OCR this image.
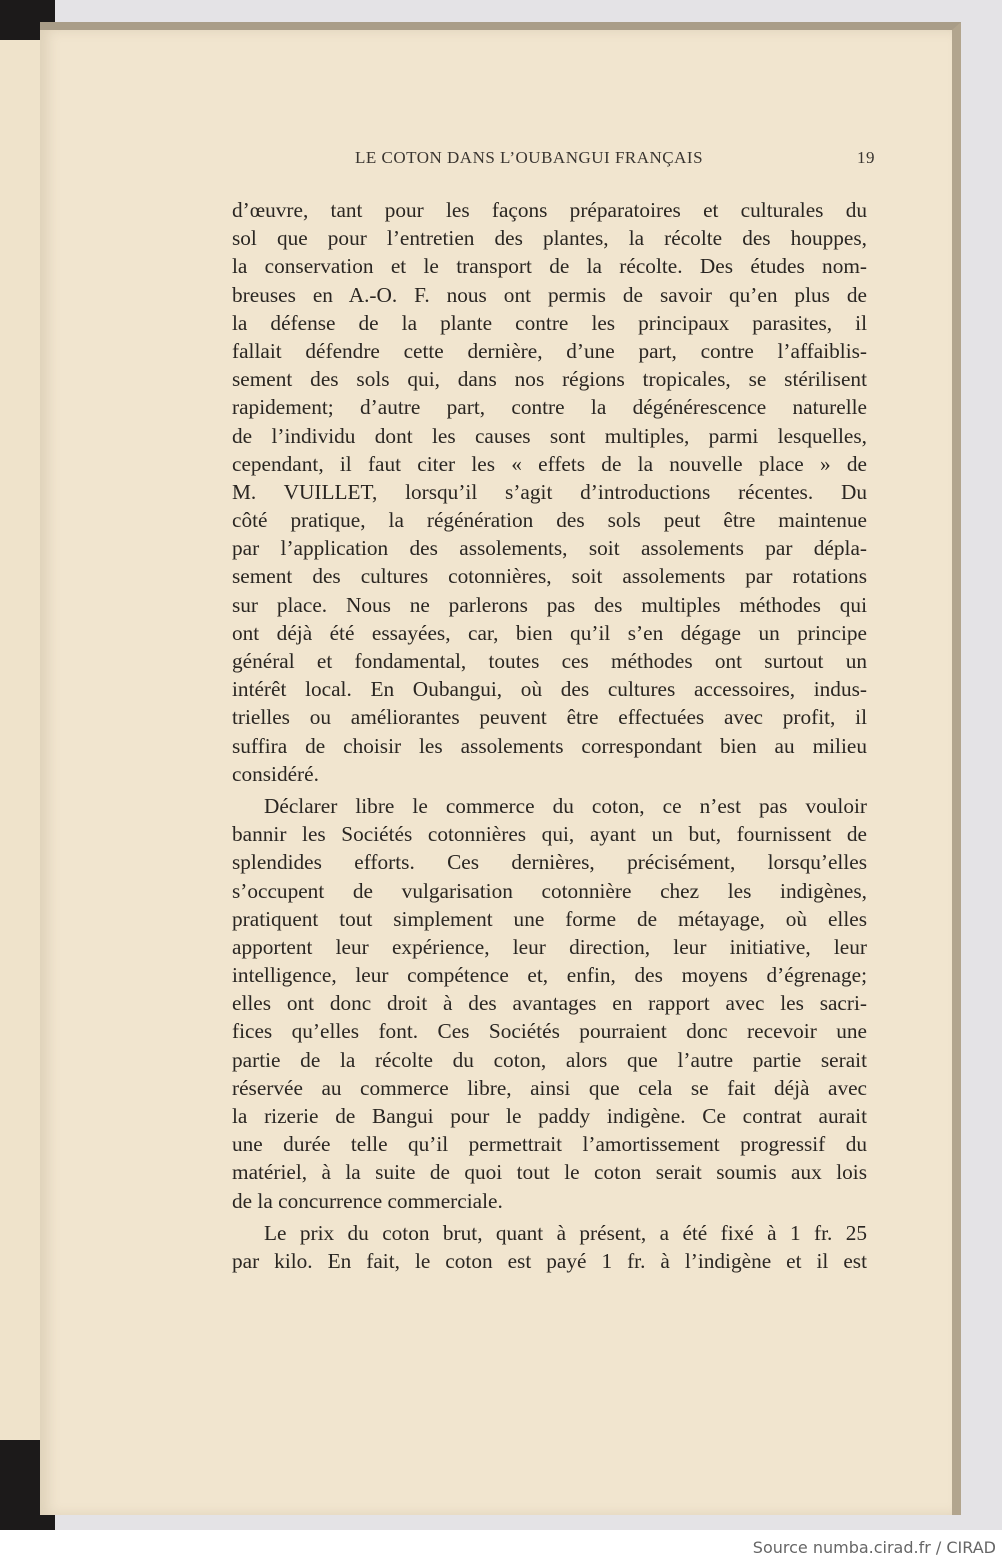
LE COTON DANS L’OUBANGUI FRANÇAIS	19
d’œuvre, tant pour les façons préparatoires et culturales du
sol que pour l’entretien des plantes, la récolte des houppes,
la conservation et le transport de la récolte. Des études nom-
breuses en A.-O. F. nous ont permis de savoir qu’en plus de
la défense de la plante contre les principaux parasites, il
fallait défendre cette dernière, d’une part, contre l’affaiblis-
sement des sols qui, dans nos régions tropicales, se stérilisent
rapidement; d’autre part, contre la dégénérescence naturelle
de l’individu dont les causes sont multiples, parmi lesquelles,
cependant, il faut citer les « effets de la nouvelle place » de
M. VUILLET, lorsqu’il s’agit d’introductions récentes. Du
côté pratique, la régénération des sols peut être maintenue
par l’application des assolements, soit assolements par dépla-
sement des cultures cotonnières, soit assolements par rotations
sur place. Nous ne parlerons pas des multiples méthodes qui
ont déjà été essayées, car, bien qu’il s’en dégage un principe
général et fondamental, toutes ces méthodes ont surtout un
intérêt local. En Oubangui, où des cultures accessoires, indus-
trielles ou améliorantes peuvent être effectuées avec profit, il
suffira de choisir les assolements correspondant bien au milieu
considéré.
Déclarer libre le commerce du coton, ce n’est pas vouloir
bannir les Sociétés cotonnières qui, ayant un but, fournissent de
splendides efforts. Ces dernières, précisément, lorsqu’elles
s’occupent de vulgarisation cotonnière chez les indigènes,
pratiquent tout simplement une forme de métayage, où elles
apportent leur expérience, leur direction, leur initiative, leur
intelligence, leur compétence et, enfin, des moyens d’égrenage;
elles ont donc droit à des avantages en rapport avec les sacri-
fices qu’elles font. Ces Sociétés pourraient donc recevoir une
partie de la récolte du coton, alors que l’autre partie serait
réservée au commerce libre, ainsi que cela se fait déjà avec
la rizerie de Bangui pour le paddy indigène. Ce contrat aurait
une durée telle qu’il permettrait l’amortissement progressif du
matériel, à la suite de quoi tout le coton serait soumis aux lois
de la concurrence commerciale.
Le prix du coton brut, quant à présent, a été fixé à 1 fr. 25
par kilo. En fait, le coton est payé 1 fr. à l’indigène et il est
Source numba.cirad.fr / CIRAD
